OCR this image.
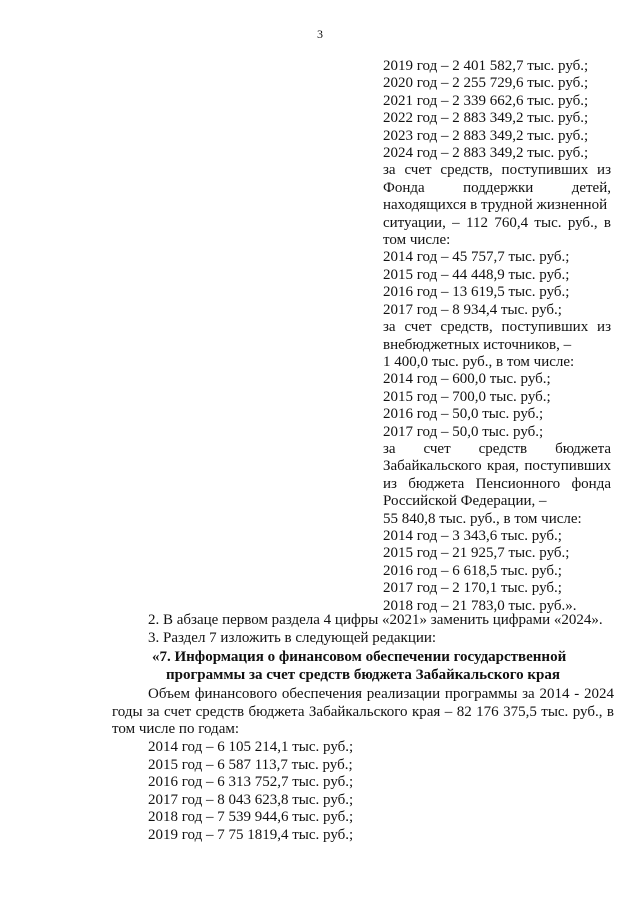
3
2019 год – 2 401 582,7 тыс. руб.;
2020 год – 2 255 729,6 тыс. руб.;
2021 год – 2 339 662,6 тыс. руб.;
2022 год – 2 883 349,2 тыс. руб.;
2023 год – 2 883 349,2 тыс. руб.;
2024 год – 2 883 349,2 тыс. руб.;
за счет средств, поступивших из
Фонда поддержки детей,
находящихся в трудной жизненной
ситуации, – 112 760,4 тыс. руб., в
том числе:
2014 год – 45 757,7 тыс. руб.;
2015 год – 44 448,9 тыс. руб.;
2016 год – 13 619,5 тыс. руб.;
2017 год – 8 934,4 тыс. руб.;
за счет средств, поступивших из
внебюджетных источников, –
1 400,0 тыс. руб., в том числе:
2014 год – 600,0 тыс. руб.;
2015 год – 700,0 тыс. руб.;
2016 год – 50,0 тыс. руб.;
2017 год – 50,0 тыс. руб.;
за счет средств бюджета
Забайкальского края, поступивших
из бюджета Пенсионного фонда
Российской Федерации, –
55 840,8 тыс. руб., в том числе:
2014 год – 3 343,6 тыс. руб.;
2015 год – 21 925,7 тыс. руб.;
2016 год – 6 618,5 тыс. руб.;
2017 год – 2 170,1 тыс. руб.;
2018 год – 21 783,0 тыс. руб.».
2. В абзаце первом раздела 4 цифры «2021» заменить цифрами «2024».
3. Раздел 7 изложить в следующей редакции:
«7. Информация о финансовом обеспечении государственной
программы за счет средств бюджета Забайкальского края
Объем финансового обеспечения реализации программы за 2014 - 2024 годы за счет средств бюджета Забайкальского края – 82 176 375,5 тыс. руб., в том числе по годам:
2014 год – 6 105 214,1 тыс. руб.;
2015 год – 6 587 113,7 тыс. руб.;
2016 год – 6 313 752,7 тыс. руб.;
2017 год – 8 043 623,8 тыс. руб.;
2018 год – 7 539 944,6 тыс. руб.;
2019 год – 7 75 1819,4 тыс. руб.;
